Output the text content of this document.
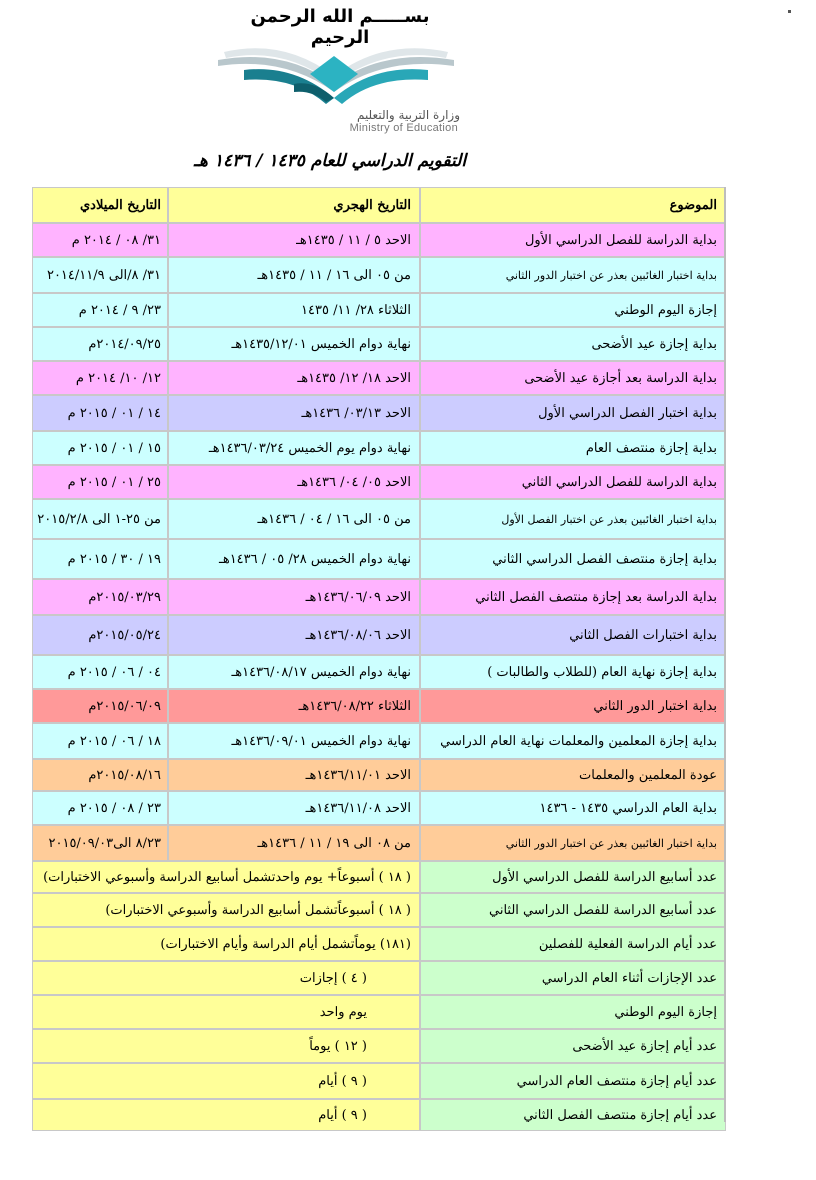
بســـــم الله الرحمن الرحيم
وزارة التربية والتعليم
Ministry of Education
التقويم الدراسي للعام ١٤٣٥ / ١٤٣٦ هـ
الموضوع
التاريخ الهجري
التاريخ الميلادي
بداية الدراسة للفصل الدراسي الأول
الاحد ٥ / ١١ / ١٤٣٥هـ
٣١/ ٠٨ / ٢٠١٤ م
بداية اختبار الغائبين بعذر عن اختبار الدور الثاني
من ٠٥ الى ١٦ / ١١ / ١٤٣٥هـ
٣١/ ٨/الى ٢٠١٤/١١/٩
إجازة اليوم الوطني
الثلاثاء ٢٨/ ١١/ ١٤٣٥
٢٣/ ٩ / ٢٠١٤ م
بداية إجازة عيد الأضحى
نهاية دوام الخميس ١٤٣٥/١٢/٠١هـ
٢٠١٤/٠٩/٢٥م
بداية الدراسة بعد أجازة عيد الأضحى
الاحد ١٨/ ١٢/ ١٤٣٥هـ
١٢/ ١٠/ ٢٠١٤ م
بداية اختبار الفصل الدراسي الأول
الاحد ٠٣/١٣/ ١٤٣٦هـ
١٤ / ٠١ / ٢٠١٥ م
بداية إجازة منتصف العام
نهاية دوام يوم الخميس ١٤٣٦/٠٣/٢٤هـ
١٥ / ٠١ / ٢٠١٥ م
بداية الدراسة للفصل الدراسي الثاني
الاحد ٠٥/ ٠٤/ ١٤٣٦هـ
٢٥ / ٠١ / ٢٠١٥ م
بداية اختبار الغائبين بعذر عن اختبار الفصل الأول
من ٠٥ الى ١٦ / ٠٤ / ١٤٣٦هـ
من ٢٥-١ الى ٢٠١٥/٢/٨
بداية إجازة منتصف الفصل الدراسي الثاني
نهاية دوام الخميس ٢٨/ ٠٥ / ١٤٣٦هـ
١٩ / ٣٠ / ٢٠١٥ م
بداية الدراسة بعد إجازة منتصف الفصل الثاني
الاحد ١٤٣٦/٠٦/٠٩هـ
٢٠١٥/٠٣/٢٩م
بداية اختبارات الفصل الثاني
الاحد ١٤٣٦/٠٨/٠٦هـ
٢٠١٥/٠٥/٢٤م
بداية إجازة نهاية العام (للطلاب والطالبات )
نهاية دوام الخميس ١٤٣٦/٠٨/١٧هـ
٠٤ / ٠٦ / ٢٠١٥ م
بداية اختبار الدور الثاني
الثلاثاء ١٤٣٦/٠٨/٢٢هـ
٢٠١٥/٠٦/٠٩م
بداية إجازة المعلمين والمعلمات نهاية العام الدراسي
نهاية دوام الخميس ١٤٣٦/٠٩/٠١هـ
١٨ / ٠٦ / ٢٠١٥ م
عودة المعلمين والمعلمات
الاحد ١٤٣٦/١١/٠١هـ
٢٠١٥/٠٨/١٦م
بداية العام الدراسي ١٤٣٥ - ١٤٣٦
الاحد ١٤٣٦/١١/٠٨هـ
٢٣ / ٠٨ / ٢٠١٥ م
بداية اختبار الغائبين بعذر عن اختبار الدور الثاني
من ٠٨ الى ١٩ / ١١ / ١٤٣٦هـ
٨/٢٣ الى٢٠١٥/٠٩/٠٣
عدد أسابيع الدراسة للفصل الدراسي الأول
( ١٨ ) أسبوعاً+ يوم واحدتشمل أسابيع الدراسة وأسبوعي الاختبارات)
عدد أسابيع الدراسة للفصل الدراسي الثاني
( ١٨ ) أسبوعاًتشمل أسابيع الدراسة وأسبوعي الاختبارات)
عدد أيام الدراسة الفعلية للفصلين
(١٨١) يوماًتشمل أيام الدراسة وأيام الاختبارات)
عدد الإجازات أثناء العام الدراسي
( ٤ ) إجازات
إجازة اليوم الوطني
يوم واحد
عدد أيام إجازة عيد الأضحى
( ١٢ ) يوماً
عدد أيام إجازة منتصف العام الدراسي
( ٩ ) أيام
عدد أيام إجازة منتصف الفصل الثاني
( ٩ ) أيام
